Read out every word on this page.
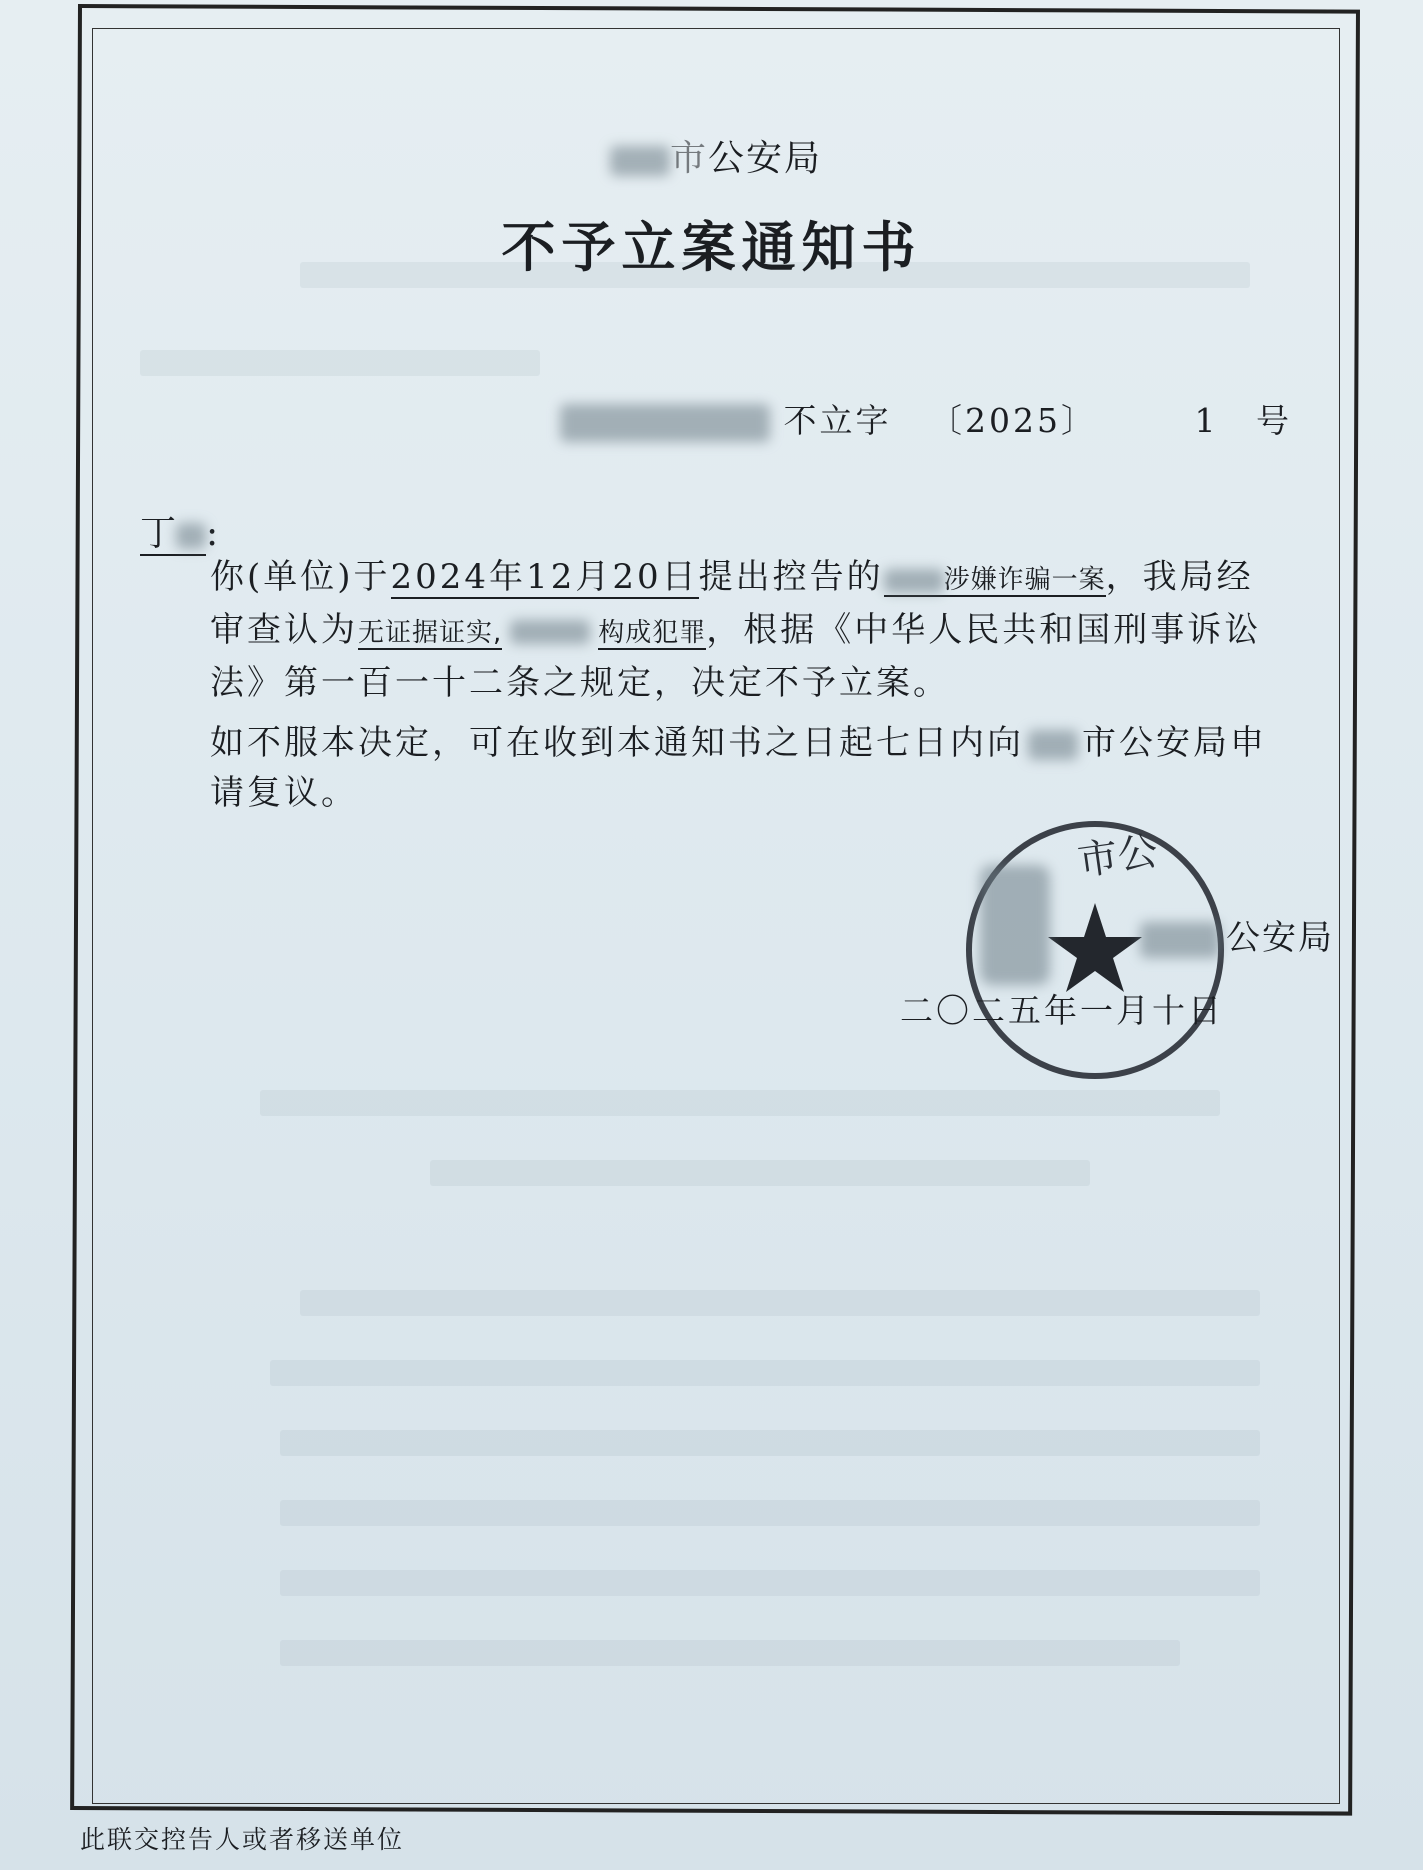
市公安局
不予立案通知书
不立字 〔2025〕	1 号
丁 :

你(单位)于2024年12月20日提出控告的 涉嫌诈骗一案，我局经审查认为无证据证实,	构成犯罪，根据《中华人民共和国刑事诉讼法》第一百一十二条之规定，决定不予立案。

如不服本决定，可在收到本通知书之日起七日内向 市公安局申请复议。

市公
公安局
二〇二五年一月十日
此联交控告人或者移送单位
